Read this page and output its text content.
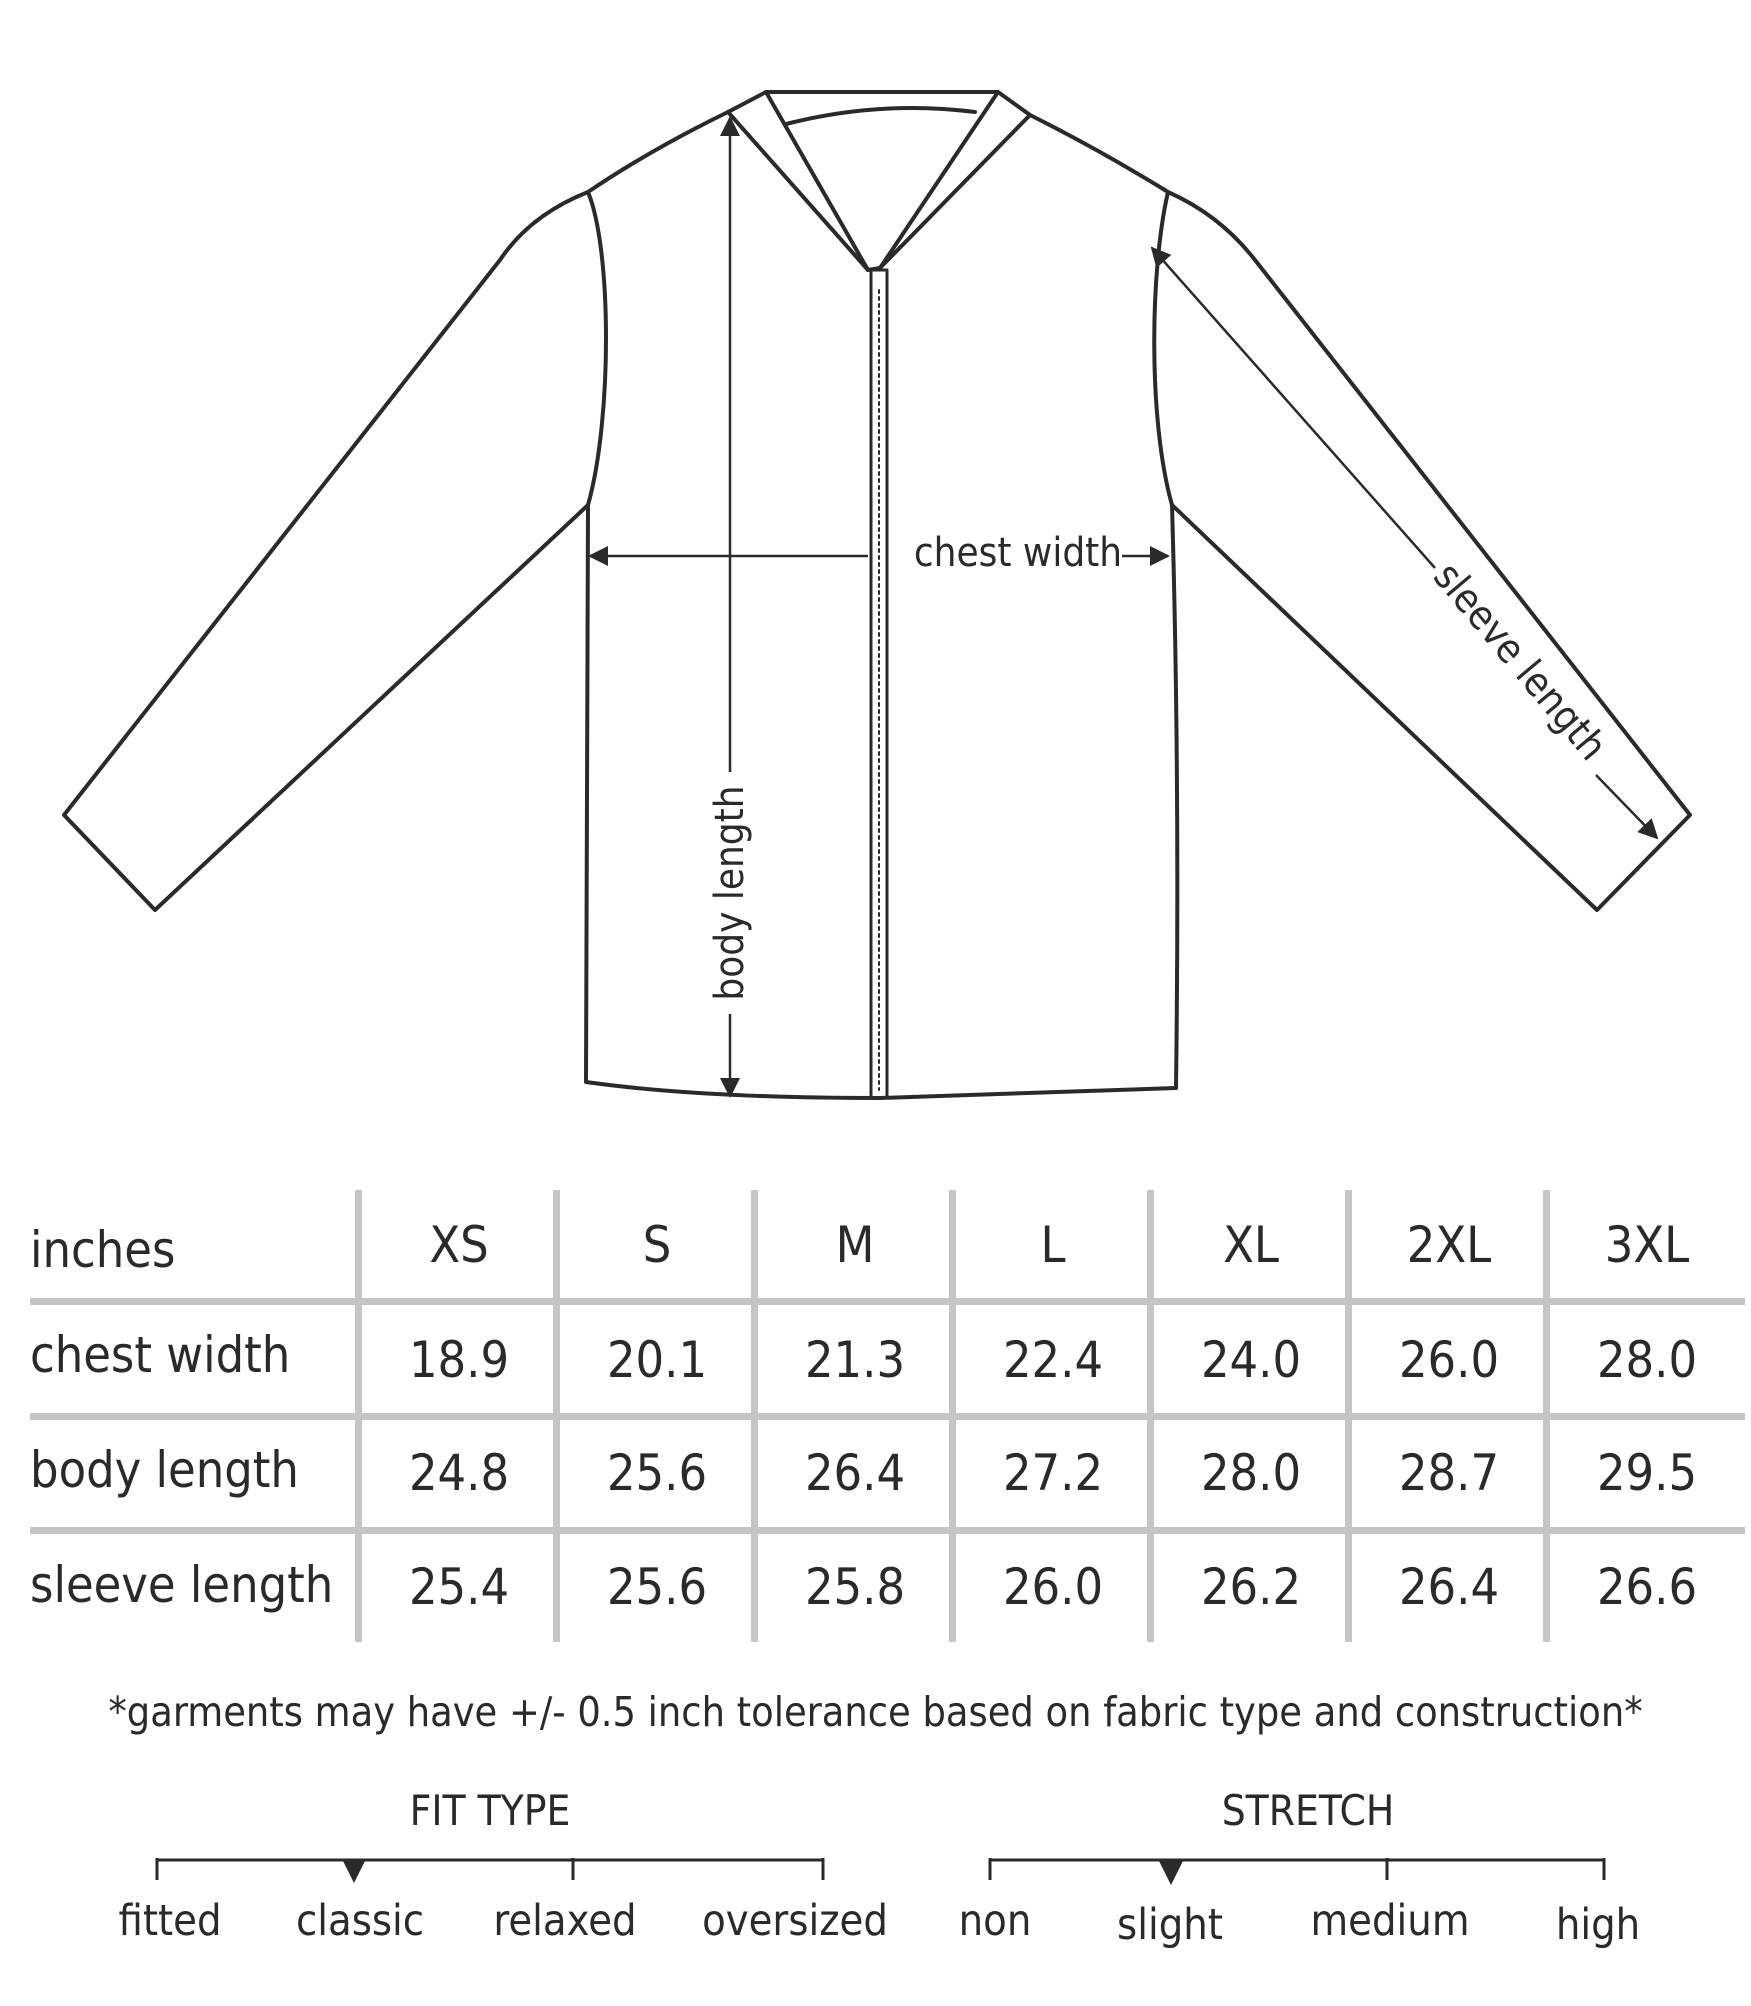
chest width
body length
sleeve length
inches	XS	S	M	L	XL	2XL	3XL
chest width	18.9	20.1	21.3	22.4	24.0	26.0	28.0
body length	24.8	25.6	26.4	27.2	28.0	28.7	29.5
sleeve length	25.4	25.6	25.8	26.0	26.2	26.4	26.6
*garments may have +/- 0.5 inch tolerance based on fabric type and construction*
FIT TYPE
fitted	classic	relaxed	oversized
STRETCH
non	slight	medium	high
